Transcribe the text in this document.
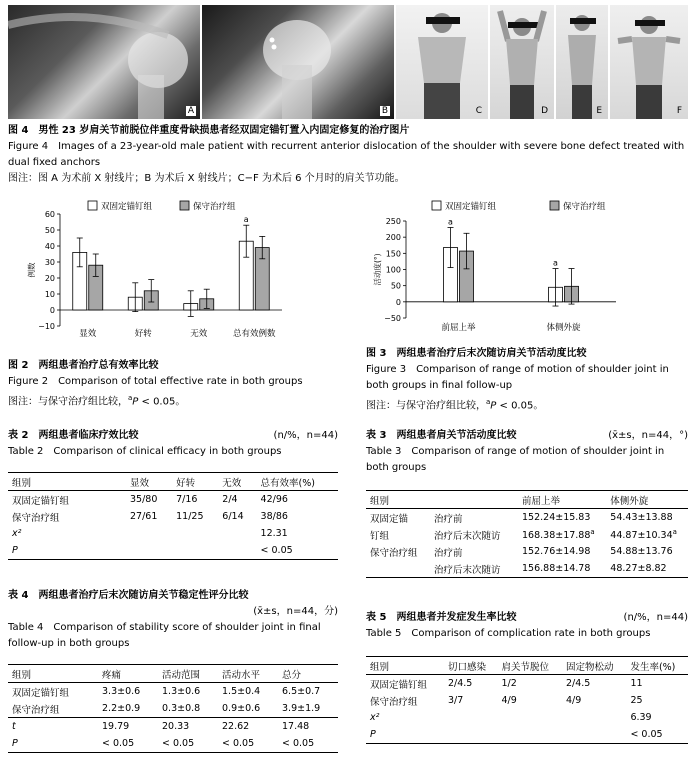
A	B	C	D	E	F
图 4　男性 23 岁肩关节前脱位伴重度骨缺损患者经双固定锚钉置入内固定修复的治疗图片
Figure 4　Images of a 23-year-old male patient with recurrent anterior dislocation of the shoulder with severe bone defect treated with dual fixed anchors
图注：图 A 为术前 X 射线片；B 为术后 X 射线片；C−F 为术后 6 个月时的肩关节功能。
双固定锚钉组	保守治疗组
例数
60
50
40
30
20
10
0
−10
显效	好转	无效
a
总有效例数
图 2　两组患者治疗总有效率比较
Figure 2　Comparison of total effective rate in both groups
图注：与保守治疗组比较，$^a$P < 0.05。
双固定锚钉组	保守治疗组
活动度(°)
250
200
150
100
50
0
−50
a
前屈上举
a
体侧外旋
图 3　两组患者治疗后末次随访肩关节活动度比较
Figure 3　Comparison of range of motion of shoulder joint in both groups in final follow-up
图注：与保守治疗组比较，$^a$P < 0.05。
表 2　两组患者临床疗效比较	(n/%，n=44)
Table 2　Comparison of clinical efficacy in both groups
组别	显效	好转	无效	总有效率(%)
双固定锚钉组	35/80	7/16	2/4	42/96
保守治疗组	27/61	11/25	6/14	38/86
x²				12.31
P				< 0.05
表 3　两组患者肩关节活动度比较	(x̄±s，n=44，°)
Table 3　Comparison of range of motion of shoulder joint in both groups
组别		前屈上举	体侧外旋
双固定锚	治疗前	152.24±15.83	54.43±13.88
钉组	治疗后末次随访	168.38±17.88$^a$	44.87±10.34$^a$
保守治疗组	治疗前	152.76±14.98	54.88±13.76
	治疗后末次随访	156.88±14.78	48.27±8.82
表 4　两组患者治疗后末次随访肩关节稳定性评分比较
(x̄±s，n=44，分)
Table 4　Comparison of stability score of shoulder joint in final follow-up in both groups
组别	疼痛	活动范围	活动水平	总分
双固定锚钉组	3.3±0.6	1.3±0.6	1.5±0.4	6.5±0.7
保守治疗组	2.2±0.9	0.3±0.8	0.9±0.6	3.9±1.9
t	19.79	20.33	22.62	17.48
P	< 0.05	< 0.05	< 0.05	< 0.05
表 5　两组患者并发症发生率比较	(n/%，n=44)
Table 5　Comparison of complication rate in both groups
组别	切口感染	肩关节脱位	固定物松动	发生率(%)
双固定锚钉组	2/4.5	1/2	2/4.5	11
保守治疗组	3/7	4/9	4/9	25
x²				6.39
P				< 0.05
